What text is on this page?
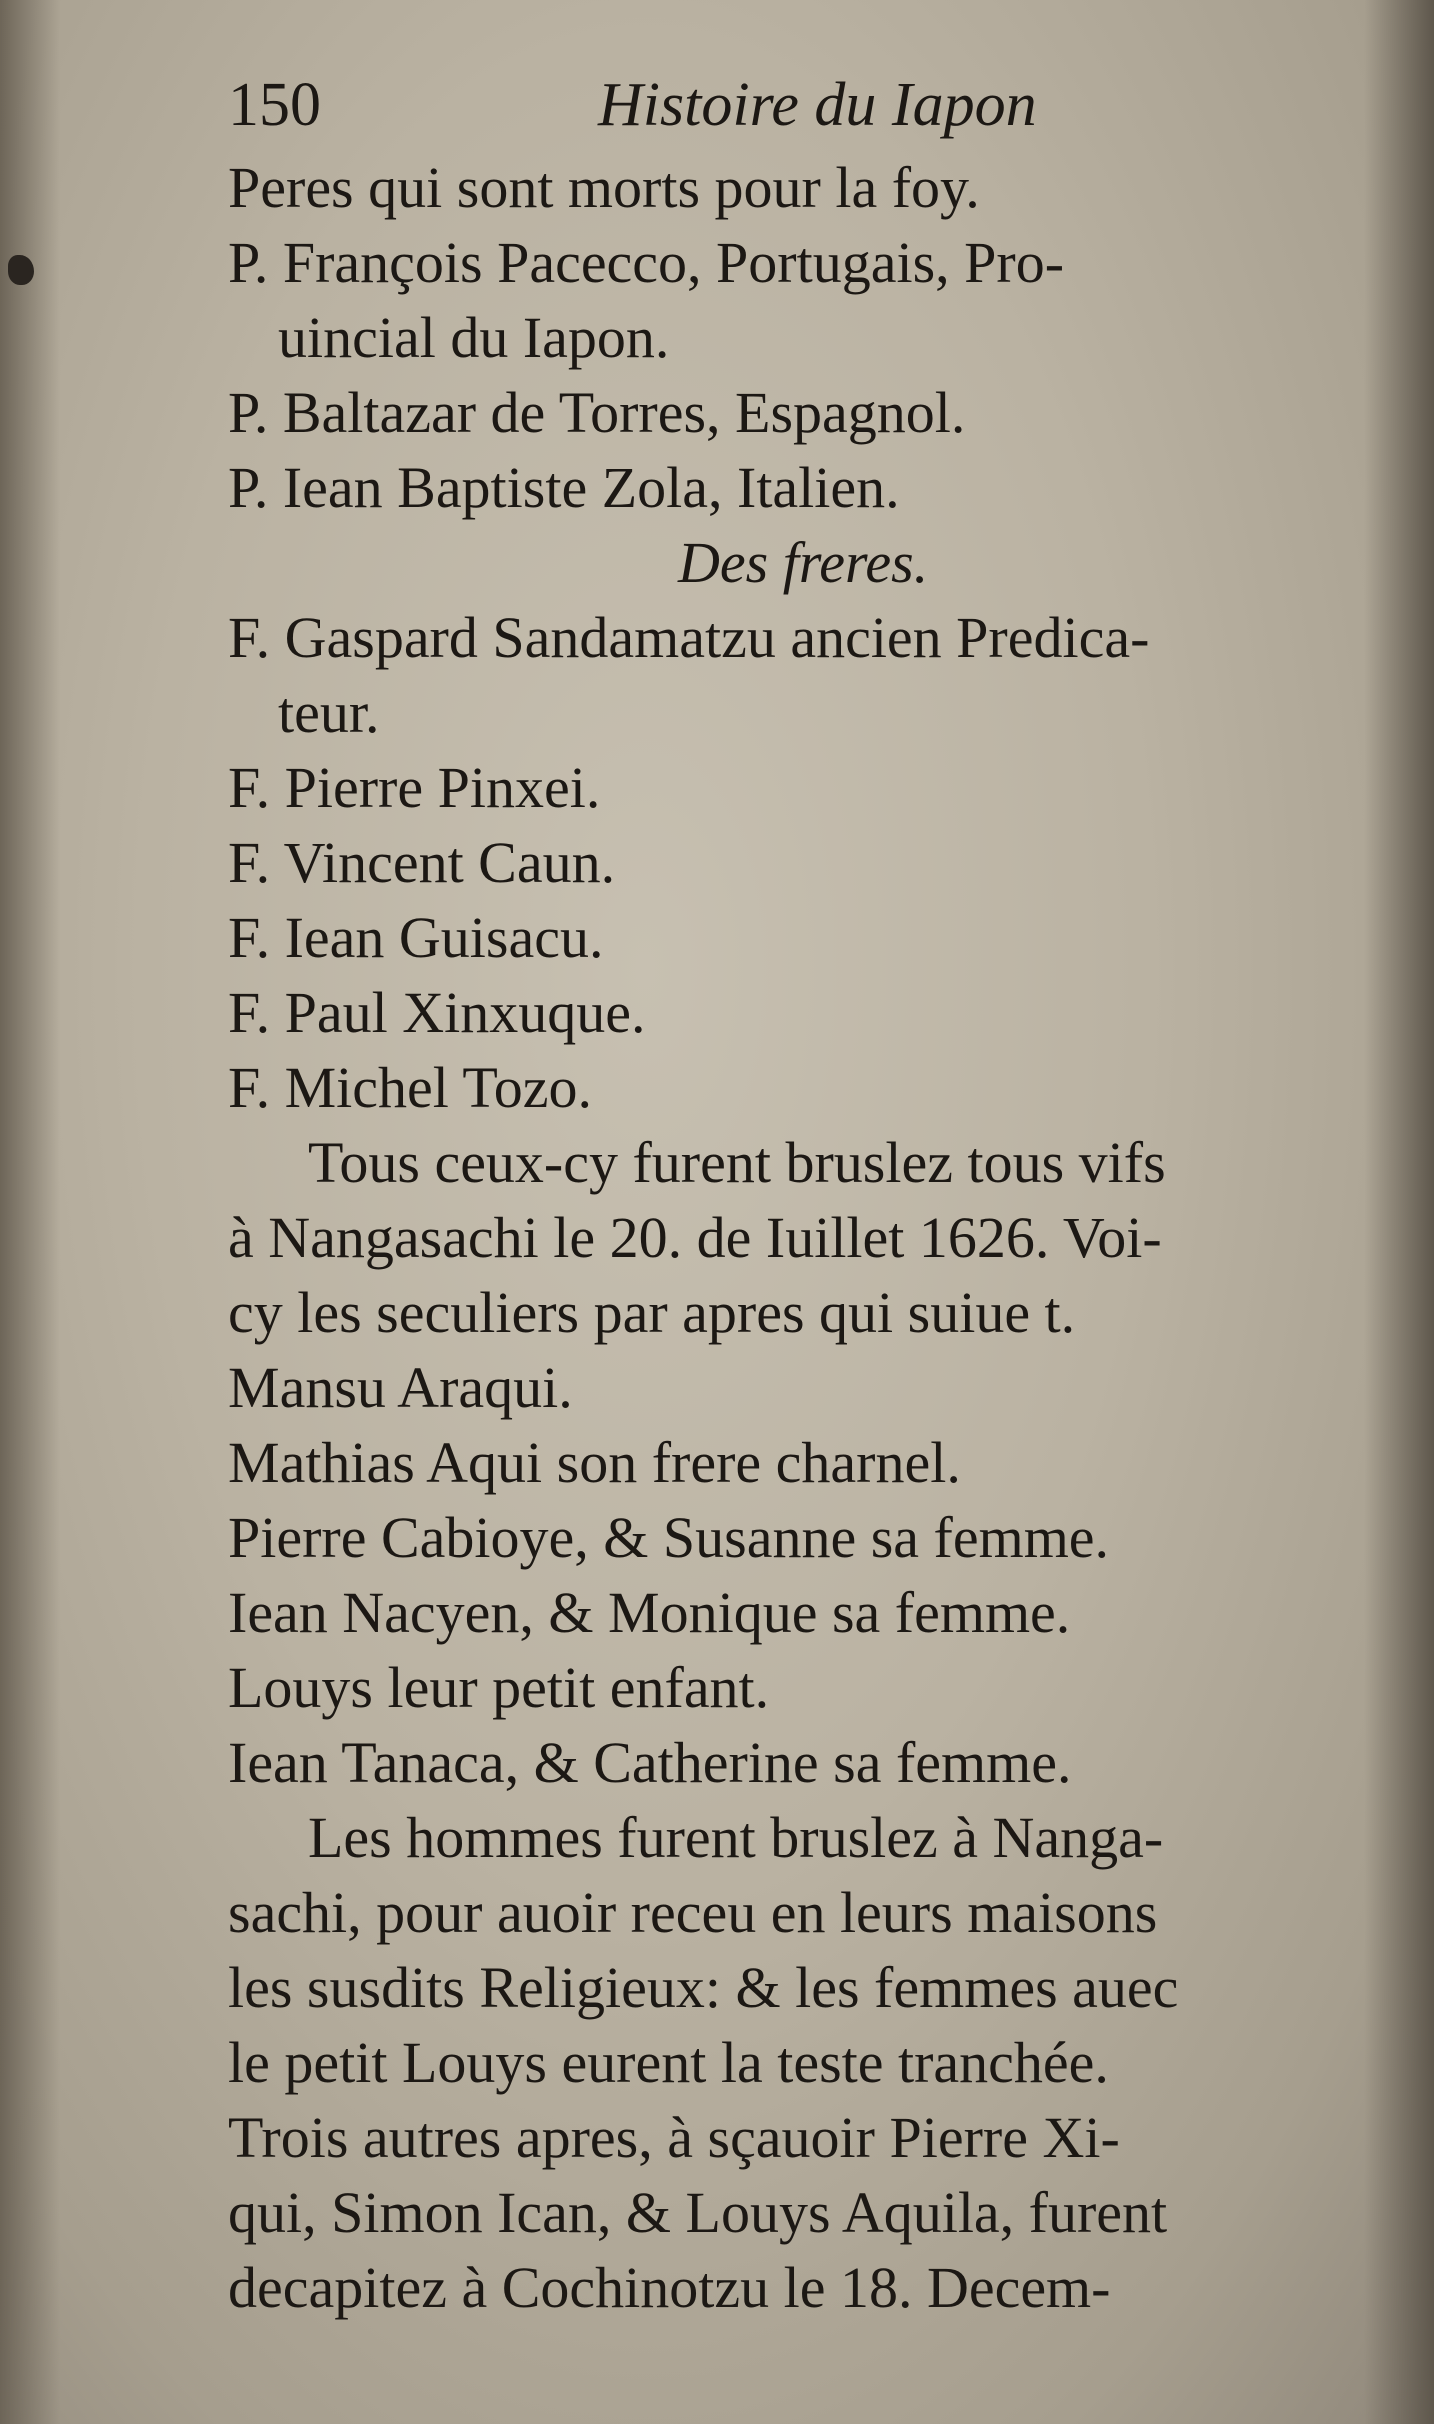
150	Histoire du Iapon
Peres qui sont morts pour la foy.
P. François Pacecco, Portugais, Pro-
uincial du Iapon.
P. Baltazar de Torres, Espagnol.
P. Iean Baptiste Zola, Italien.
Des freres.
F. Gaspard Sandamatzu ancien Predica-
teur.
F. Pierre Pinxei.
F. Vincent Caun.
F. Iean Guisacu.
F. Paul Xinxuque.
F. Michel Tozo.
Tous ceux-cy furent bruslez tous vifs
à Nangasachi le 20. de Iuillet 1626. Voi-
cy les seculiers par apres qui suiue t.
Mansu Araqui.
Mathias Aqui son frere charnel.
Pierre Cabioye, & Susanne sa femme.
Iean Nacyen, & Monique sa femme.
Louys leur petit enfant.
Iean Tanaca, & Catherine sa femme.
Les hommes furent bruslez à Nanga-
sachi, pour auoir receu en leurs maisons
les susdits Religieux: & les femmes auec
le petit Louys eurent la teste tranchée.
Trois autres apres, à sçauoir Pierre Xi-
qui, Simon Ican, & Louys Aquila, furent
decapitez à Cochinotzu le 18. Decem-
